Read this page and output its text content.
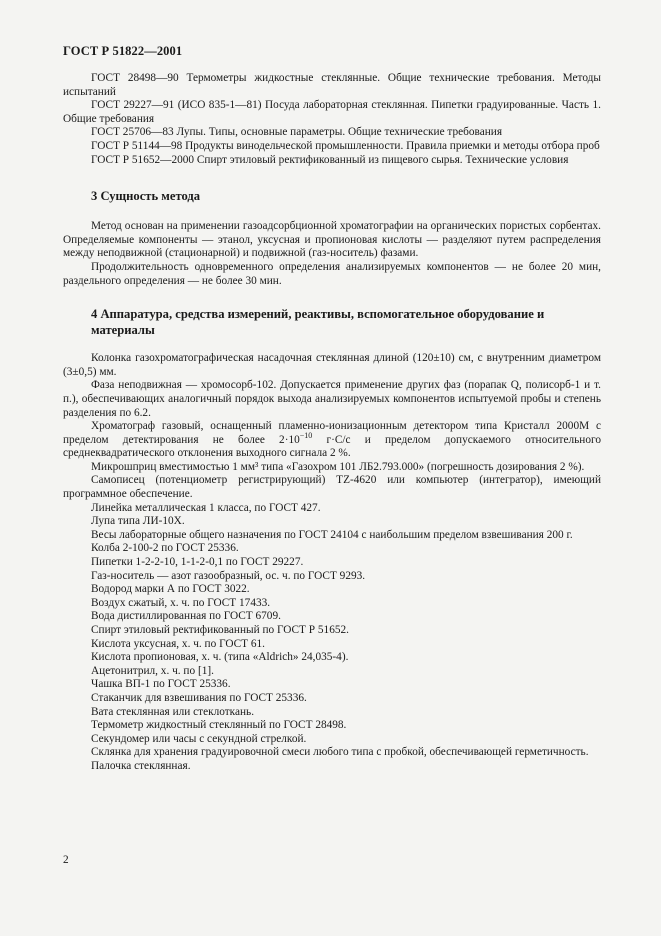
ГОСТ Р 51822—2001

ГОСТ 28498—90 Термометры жидкостные стеклянные. Общие технические требования. Методы испытаний

ГОСТ 29227—91 (ИСО 835-1—81) Посуда лабораторная стеклянная. Пипетки градуированные. Часть 1. Общие требования

ГОСТ 25706—83 Лупы. Типы, основные параметры. Общие технические требования

ГОСТ Р 51144—98 Продукты винодельческой промышленности. Правила приемки и методы отбора проб

ГОСТ Р 51652—2000 Спирт этиловый ректификованный из пищевого сырья. Технические условия

3 Сущность метода

Метод основан на применении газоадсорбционной хроматографии на органических пористых сорбентах. Определяемые компоненты — этанол, уксусная и пропионовая кислоты — разделяют путем распределения между неподвижной (стационарной) и подвижной (газ-носитель) фазами.

Продолжительность одновременного определения анализируемых компонентов — не более 20 мин, раздельного определения — не более 30 мин.

4 Аппаратура, средства измерений, реактивы, вспомогательное оборудование и материалы

Колонка газохроматографическая насадочная стеклянная длиной (120±10) см, с внутренним диаметром (3±0,5) мм.

Фаза неподвижная — хромосорб-102. Допускается применение других фаз (порапак Q, полисорб-1 и т. п.), обеспечивающих аналогичный порядок выхода анализируемых компонентов испытуемой пробы и степень разделения по 6.2.

Хроматограф газовый, оснащенный пламенно-ионизационным детектором типа Кристалл 2000М с пределом детектирования не более $2\cdot 10^{-10}$ г·С/с и пределом допускаемого относительного среднеквадратического отклонения выходного сигнала 2 %.

Микрошприц вместимостью 1 мм³ типа «Газохром 101 ЛБ2.793.000» (погрешность дозирования 2 %).

Самописец (потенциометр регистрирующий) TZ-4620 или компьютер (интегратор), имеющий программное обеспечение.

Линейка металлическая 1 класса, по ГОСТ 427.

Лупа типа ЛИ-10Х.

Весы лабораторные общего назначения по ГОСТ 24104 с наибольшим пределом взвешивания 200 г.

Колба 2-100-2 по ГОСТ 25336.

Пипетки 1-2-2-10, 1-1-2-0,1 по ГОСТ 29227.

Газ-носитель — азот газообразный, ос. ч. по ГОСТ 9293.

Водород марки А по ГОСТ 3022.

Воздух сжатый, х. ч. по ГОСТ 17433.

Вода дистиллированная по ГОСТ 6709.

Спирт этиловый ректификованный по ГОСТ Р 51652.

Кислота уксусная, х. ч. по ГОСТ 61.

Кислота пропионовая, х. ч. (типа «Aldrich» 24,035-4).

Ацетонитрил, х. ч. по [1].

Чашка ВП-1 по ГОСТ 25336.

Стаканчик для взвешивания по ГОСТ 25336.

Вата стеклянная или стеклоткань.

Термометр жидкостный стеклянный по ГОСТ 28498.

Секундомер или часы с секундной стрелкой.

Склянка для хранения градуировочной смеси любого типа с пробкой, обеспечивающей герметичность.

Палочка стеклянная.

2
